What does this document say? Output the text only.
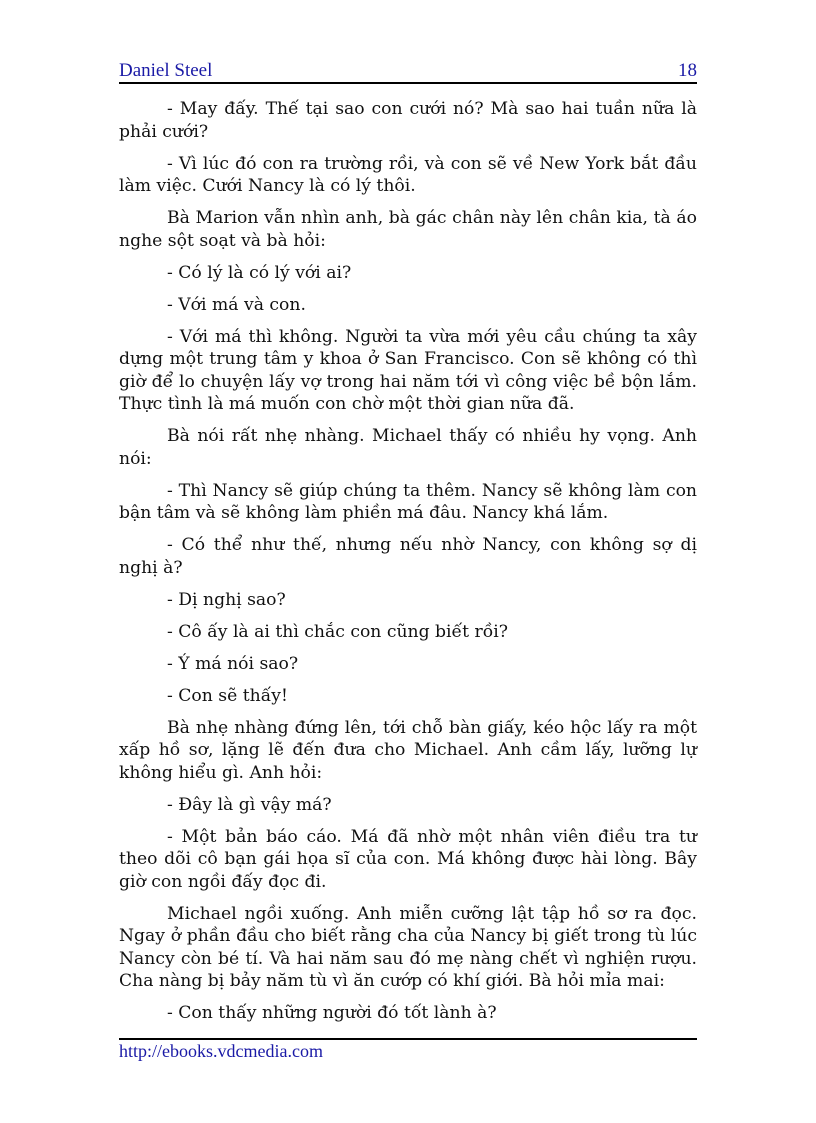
Daniel Steel	18

- May đấy. Thế tại sao con cưới nó? Mà sao hai tuần nữa là phải cưới?

- Vì lúc đó con ra trường rồi, và con sẽ về New York bắt đầu làm việc. Cưới Nancy là có lý thôi.

Bà Marion vẫn nhìn anh, bà gác chân này lên chân kia, tà áo nghe sột soạt và bà hỏi:

- Có lý là có lý với ai?

- Với má và con.

- Với má thì không. Người ta vừa mới yêu cầu chúng ta xây dựng một trung tâm y khoa ở San Francisco. Con sẽ không có thì giờ để lo chuyện lấy vợ trong hai năm tới vì công việc bề bộn lắm. Thực tình là má muốn con chờ một thời gian nữa đã.

Bà nói rất nhẹ nhàng. Michael thấy có nhiều hy vọng. Anh nói:

- Thì Nancy sẽ giúp chúng ta thêm. Nancy sẽ không làm con bận tâm và sẽ không làm phiền má đâu. Nancy khá lắm.

- Có thể như thế, nhưng nếu nhờ Nancy, con không sợ dị nghị à?

- Dị nghị sao?

- Cô ấy là ai thì chắc con cũng biết rồi?

- Ý má nói sao?

- Con sẽ thấy!

Bà nhẹ nhàng đứng lên, tới chỗ bàn giấy, kéo hộc lấy ra một xấp hồ sơ, lặng lẽ đến đưa cho Michael. Anh cầm lấy, lưỡng lự không hiểu gì. Anh hỏi:

- Đây là gì vậy má?

- Một bản báo cáo. Má đã nhờ một nhân viên điều tra tư theo dõi cô bạn gái họa sĩ của con. Má không được hài lòng. Bây giờ con ngồi đấy đọc đi.

Michael ngồi xuống. Anh miễn cưỡng lật tập hồ sơ ra đọc. Ngay ở phần đầu cho biết rằng cha của Nancy bị giết trong tù lúc Nancy còn bé tí. Và hai năm sau đó mẹ nàng chết vì nghiện rượu. Cha nàng bị bảy năm tù vì ăn cướp có khí giới. Bà hỏi mỉa mai:

- Con thấy những người đó tốt lành à?

http://ebooks.vdcmedia.com
